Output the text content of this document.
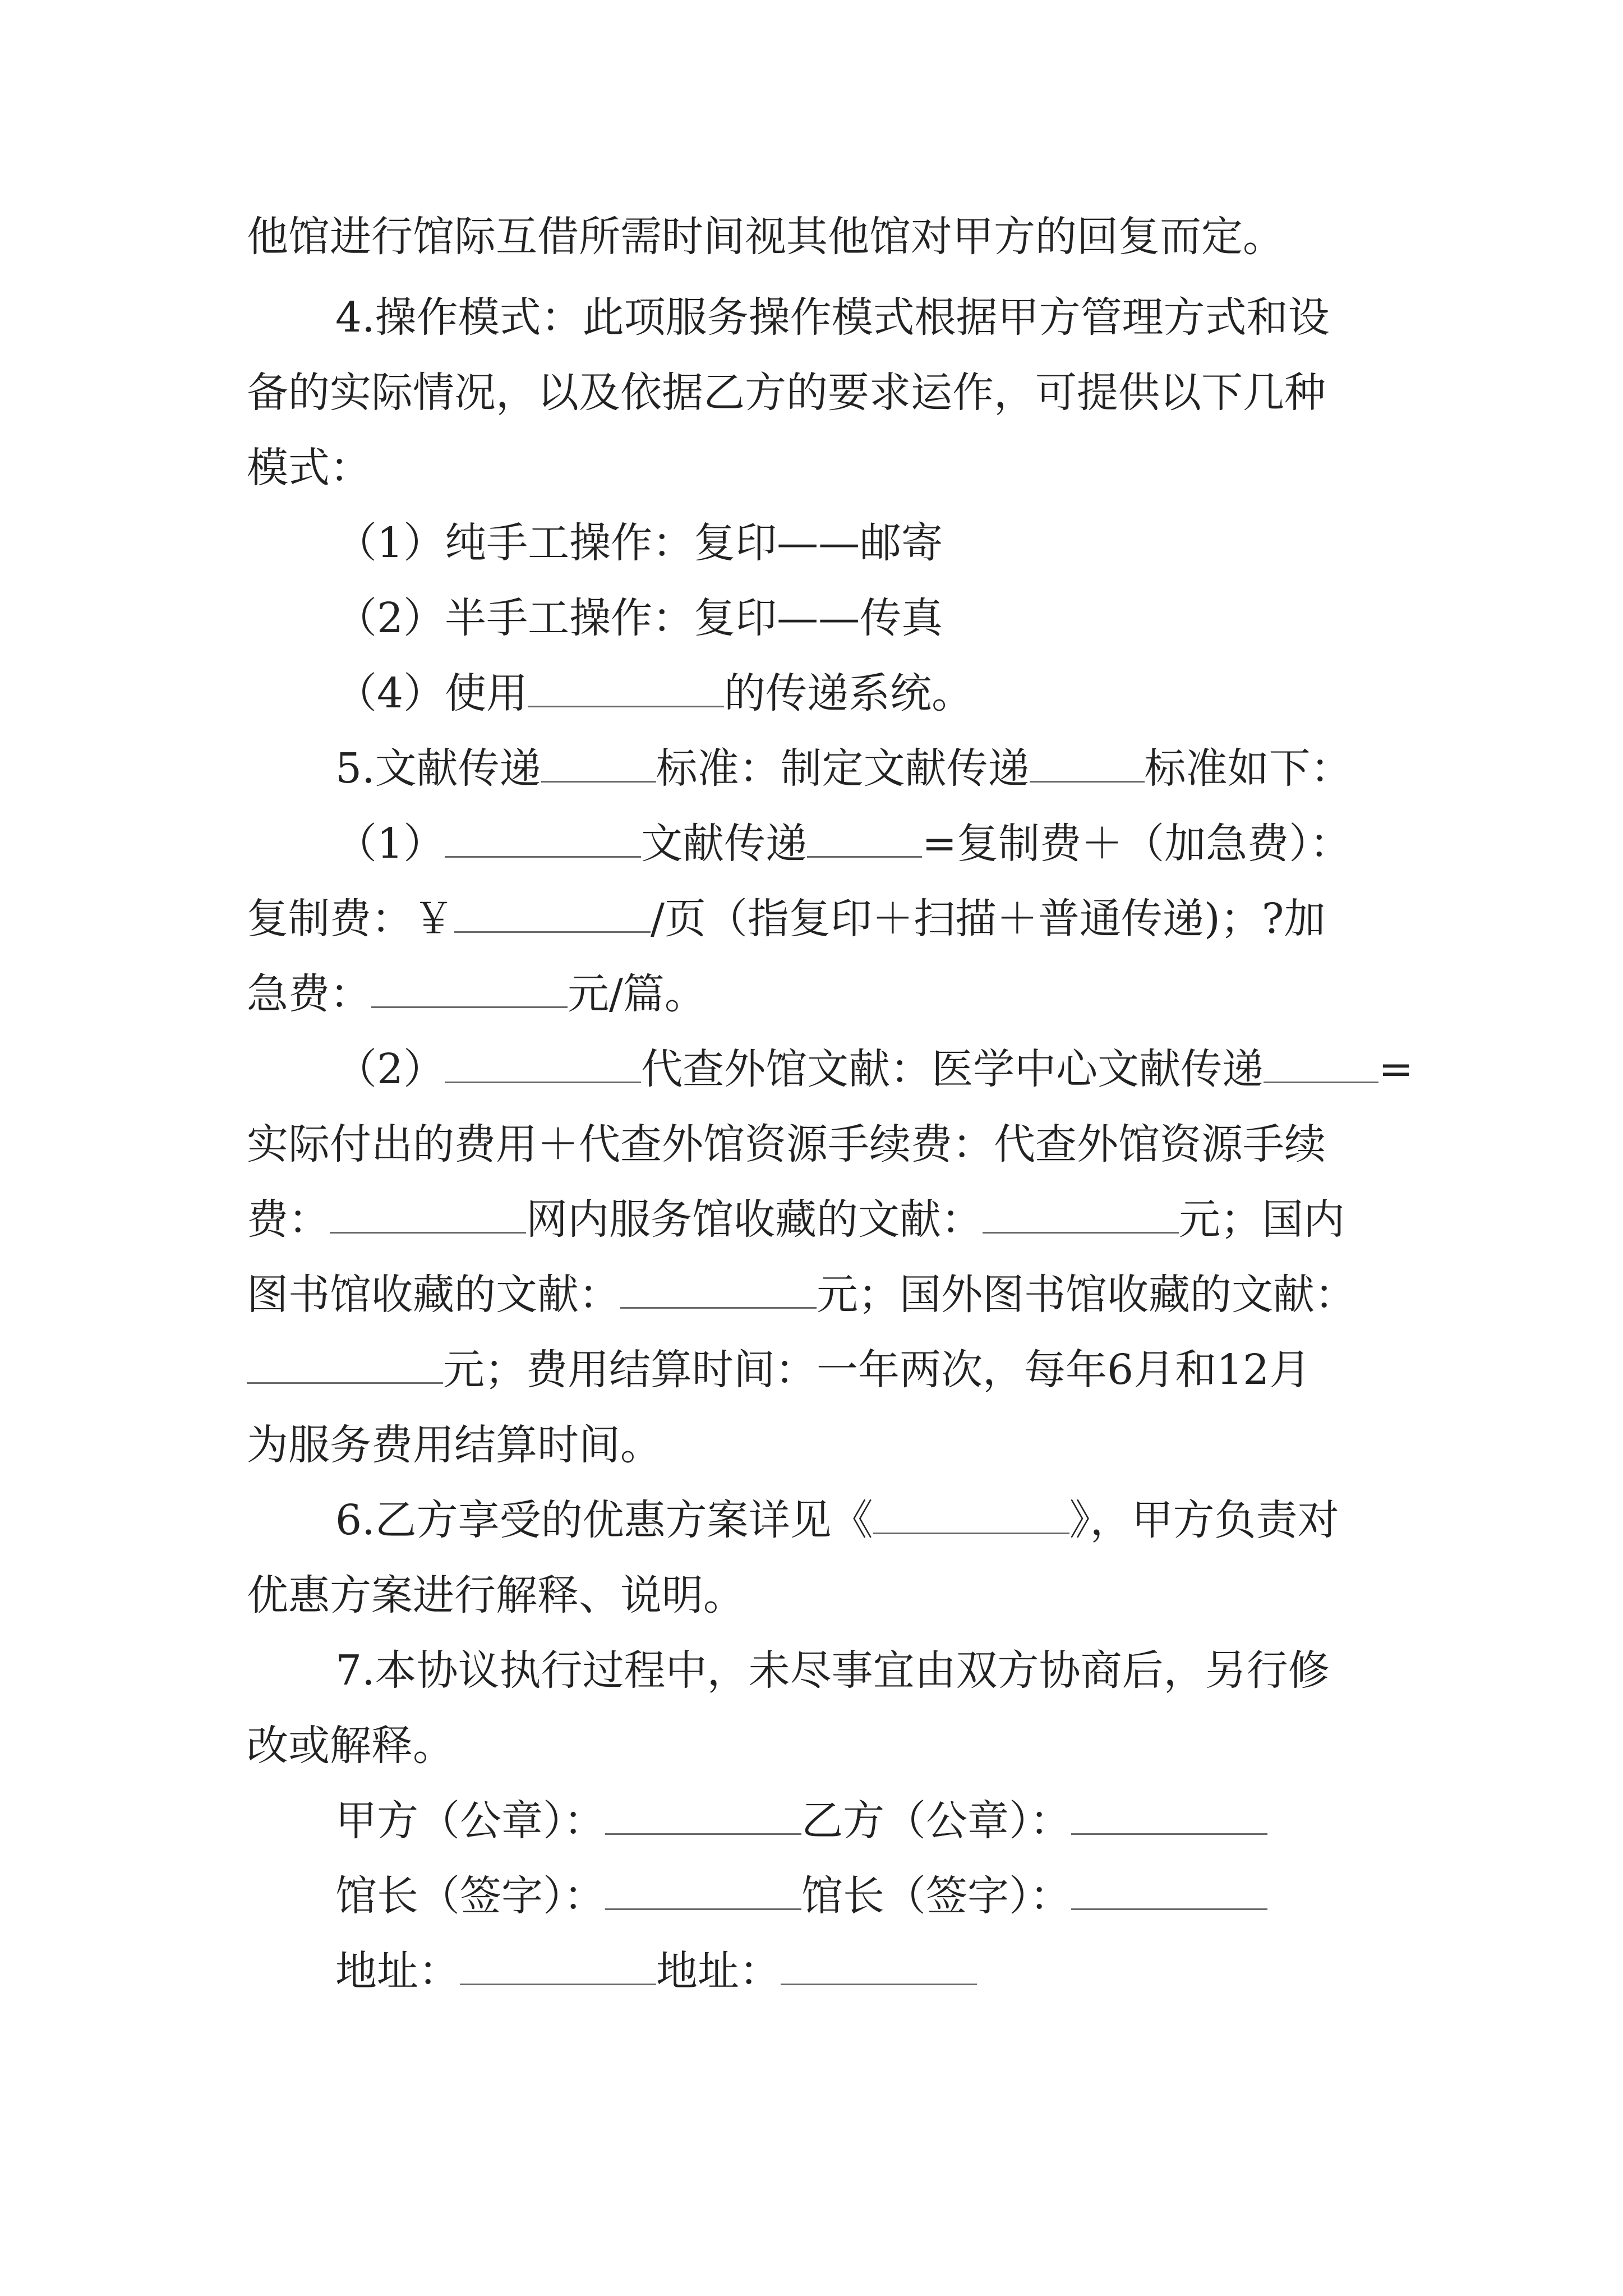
他馆进行馆际互借所需时间视其他馆对甲方的回复而定。
4.操作模式：此项服务操作模式根据甲方管理方式和设
备的实际情况，以及依据乙方的要求运作，可提供以下几种
模式：
（1）纯手工操作：复印——邮寄
（2）半手工操作：复印——传真
（4）使用	的传递系统。
5.文献传递	标准：制定文献传递	标准如下：
（1）	文献传递	=复制费＋（加急费）：
复制费：￥	/页（指复印＋扫描＋普通传递)；?加
急费：	元/篇。
（2）	代查外馆文献：医学中心文献传递	=
实际付出的费用＋代查外馆资源手续费：代查外馆资源手续
费：	网内服务馆收藏的文献：	元；国内
图书馆收藏的文献：	元；国外图书馆收藏的文献：
元；费用结算时间：一年两次，每年6月和12月
为服务费用结算时间。
6.乙方享受的优惠方案详见《	》，甲方负责对
优惠方案进行解释、说明。
7.本协议执行过程中，未尽事宜由双方协商后，另行修
改或解释。
甲方（公章）：	乙方（公章）：
馆长（签字）：	馆长（签字）：
地址：	地址：
